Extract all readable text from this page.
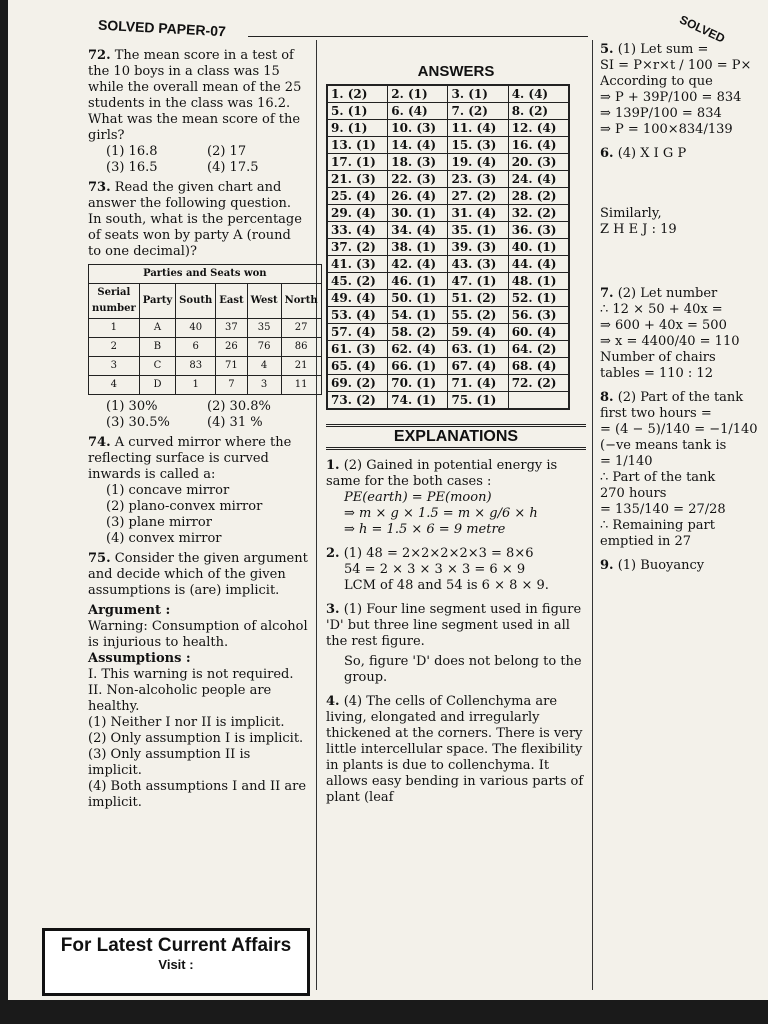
SOLVED PAPER-07	SOLVED
72. The mean score in a test of the 10 boys in a class was 15 while the overall mean of the 25 students in the class was 16.2. What was the mean score of the girls?
(1) 16.8	(2) 17
(3) 16.5	(4) 17.5
73. Read the given chart and answer the following question. In south, what is the percentage of seats won by party A (round to one decimal)?
Parties and Seats won					
Serial number	Party	South	East	West	North
1	A	40	37	35	27
2	B	6	26	76	86
3	C	83	71	4	21
4	D	1	7	3	11
(1) 30%	(2) 30.8%
(3) 30.5%	(4) 31 %
74. A curved mirror where the reflecting surface is curved inwards is called a:
(1) concave mirror
(2) plano-convex mirror
(3) plane mirror
(4) convex mirror
75. Consider the given argument and decide which of the given assumptions is (are) implicit.
Argument :
Warning: Consumption of alcohol is injurious to health.
Assumptions :
I. This warning is not required.
II. Non-alcoholic people are healthy.
(1) Neither I nor II is implicit.
(2) Only assumption I is implicit.
(3) Only assumption II is implicit.
(4) Both assumptions I and II are implicit.
For Latest Current Affairs
Visit :
ANSWERS
1. (2)	2. (1)	3. (1)	4. (4)
5. (1)	6. (4)	7. (2)	8. (2)
9. (1)	10. (3)	11. (4)	12. (4)
13. (1)	14. (4)	15. (3)	16. (4)
17. (1)	18. (3)	19. (4)	20. (3)
21. (3)	22. (3)	23. (3)	24. (4)
25. (4)	26. (4)	27. (2)	28. (2)
29. (4)	30. (1)	31. (4)	32. (2)
33. (4)	34. (4)	35. (1)	36. (3)
37. (2)	38. (1)	39. (3)	40. (1)
41. (3)	42. (4)	43. (3)	44. (4)
45. (2)	46. (1)	47. (1)	48. (1)
49. (4)	50. (1)	51. (2)	52. (1)
53. (4)	54. (1)	55. (2)	56. (3)
57. (4)	58. (2)	59. (4)	60. (4)
61. (3)	62. (4)	63. (1)	64. (2)
65. (4)	66. (1)	67. (4)	68. (4)
69. (2)	70. (1)	71. (4)	72. (2)
73. (2)	74. (1)	75. (1)	
EXPLANATIONS
1. (2) Gained in potential energy is same for the both cases :
PE(earth) = PE(moon)
⇒ m × g × 1.5 = m × g/6 × h
⇒ h = 1.5 × 6 = 9 metre
2. (1) 48 = 2×2×2×2×3 = 8×6
54 = 2 × 3 × 3 × 3 = 6 × 9
LCM of 48 and 54 is 6 × 8 × 9.
3. (1) Four line segment used in figure 'D' but three line segment used in all the rest figure.
So, figure 'D' does not belong to the group.
4. (4) The cells of Collenchyma are living, elongated and irregularly thickened at the corners. There is very little intercellular space. The flexibility in plants is due to collenchyma. It allows easy bending in various parts of plant (leaf
5. (1) Let sum =
SI = P×r×t / 100 = P×
According to que
⇒ P + 39P/100 = 834
⇒ 139P/100 = 834
⇒ P = 100×834/139
6. (4) X I G P
Similarly,
Z H E J : 19
7. (2) Let number
∴ 12 × 50 + 40x =
⇒ 600 + 40x = 500
⇒ x = 4400/40 = 110
Number of chairs
tables = 110 : 12
8. (2) Part of the tank
first two hours =
= (4 − 5)/140 = −1/140
(−ve means tank is
= 1/140
∴ Part of the tank
270 hours
= 135/140 = 27/28
∴ Remaining part
emptied in 27
9. (1) Buoyancy
